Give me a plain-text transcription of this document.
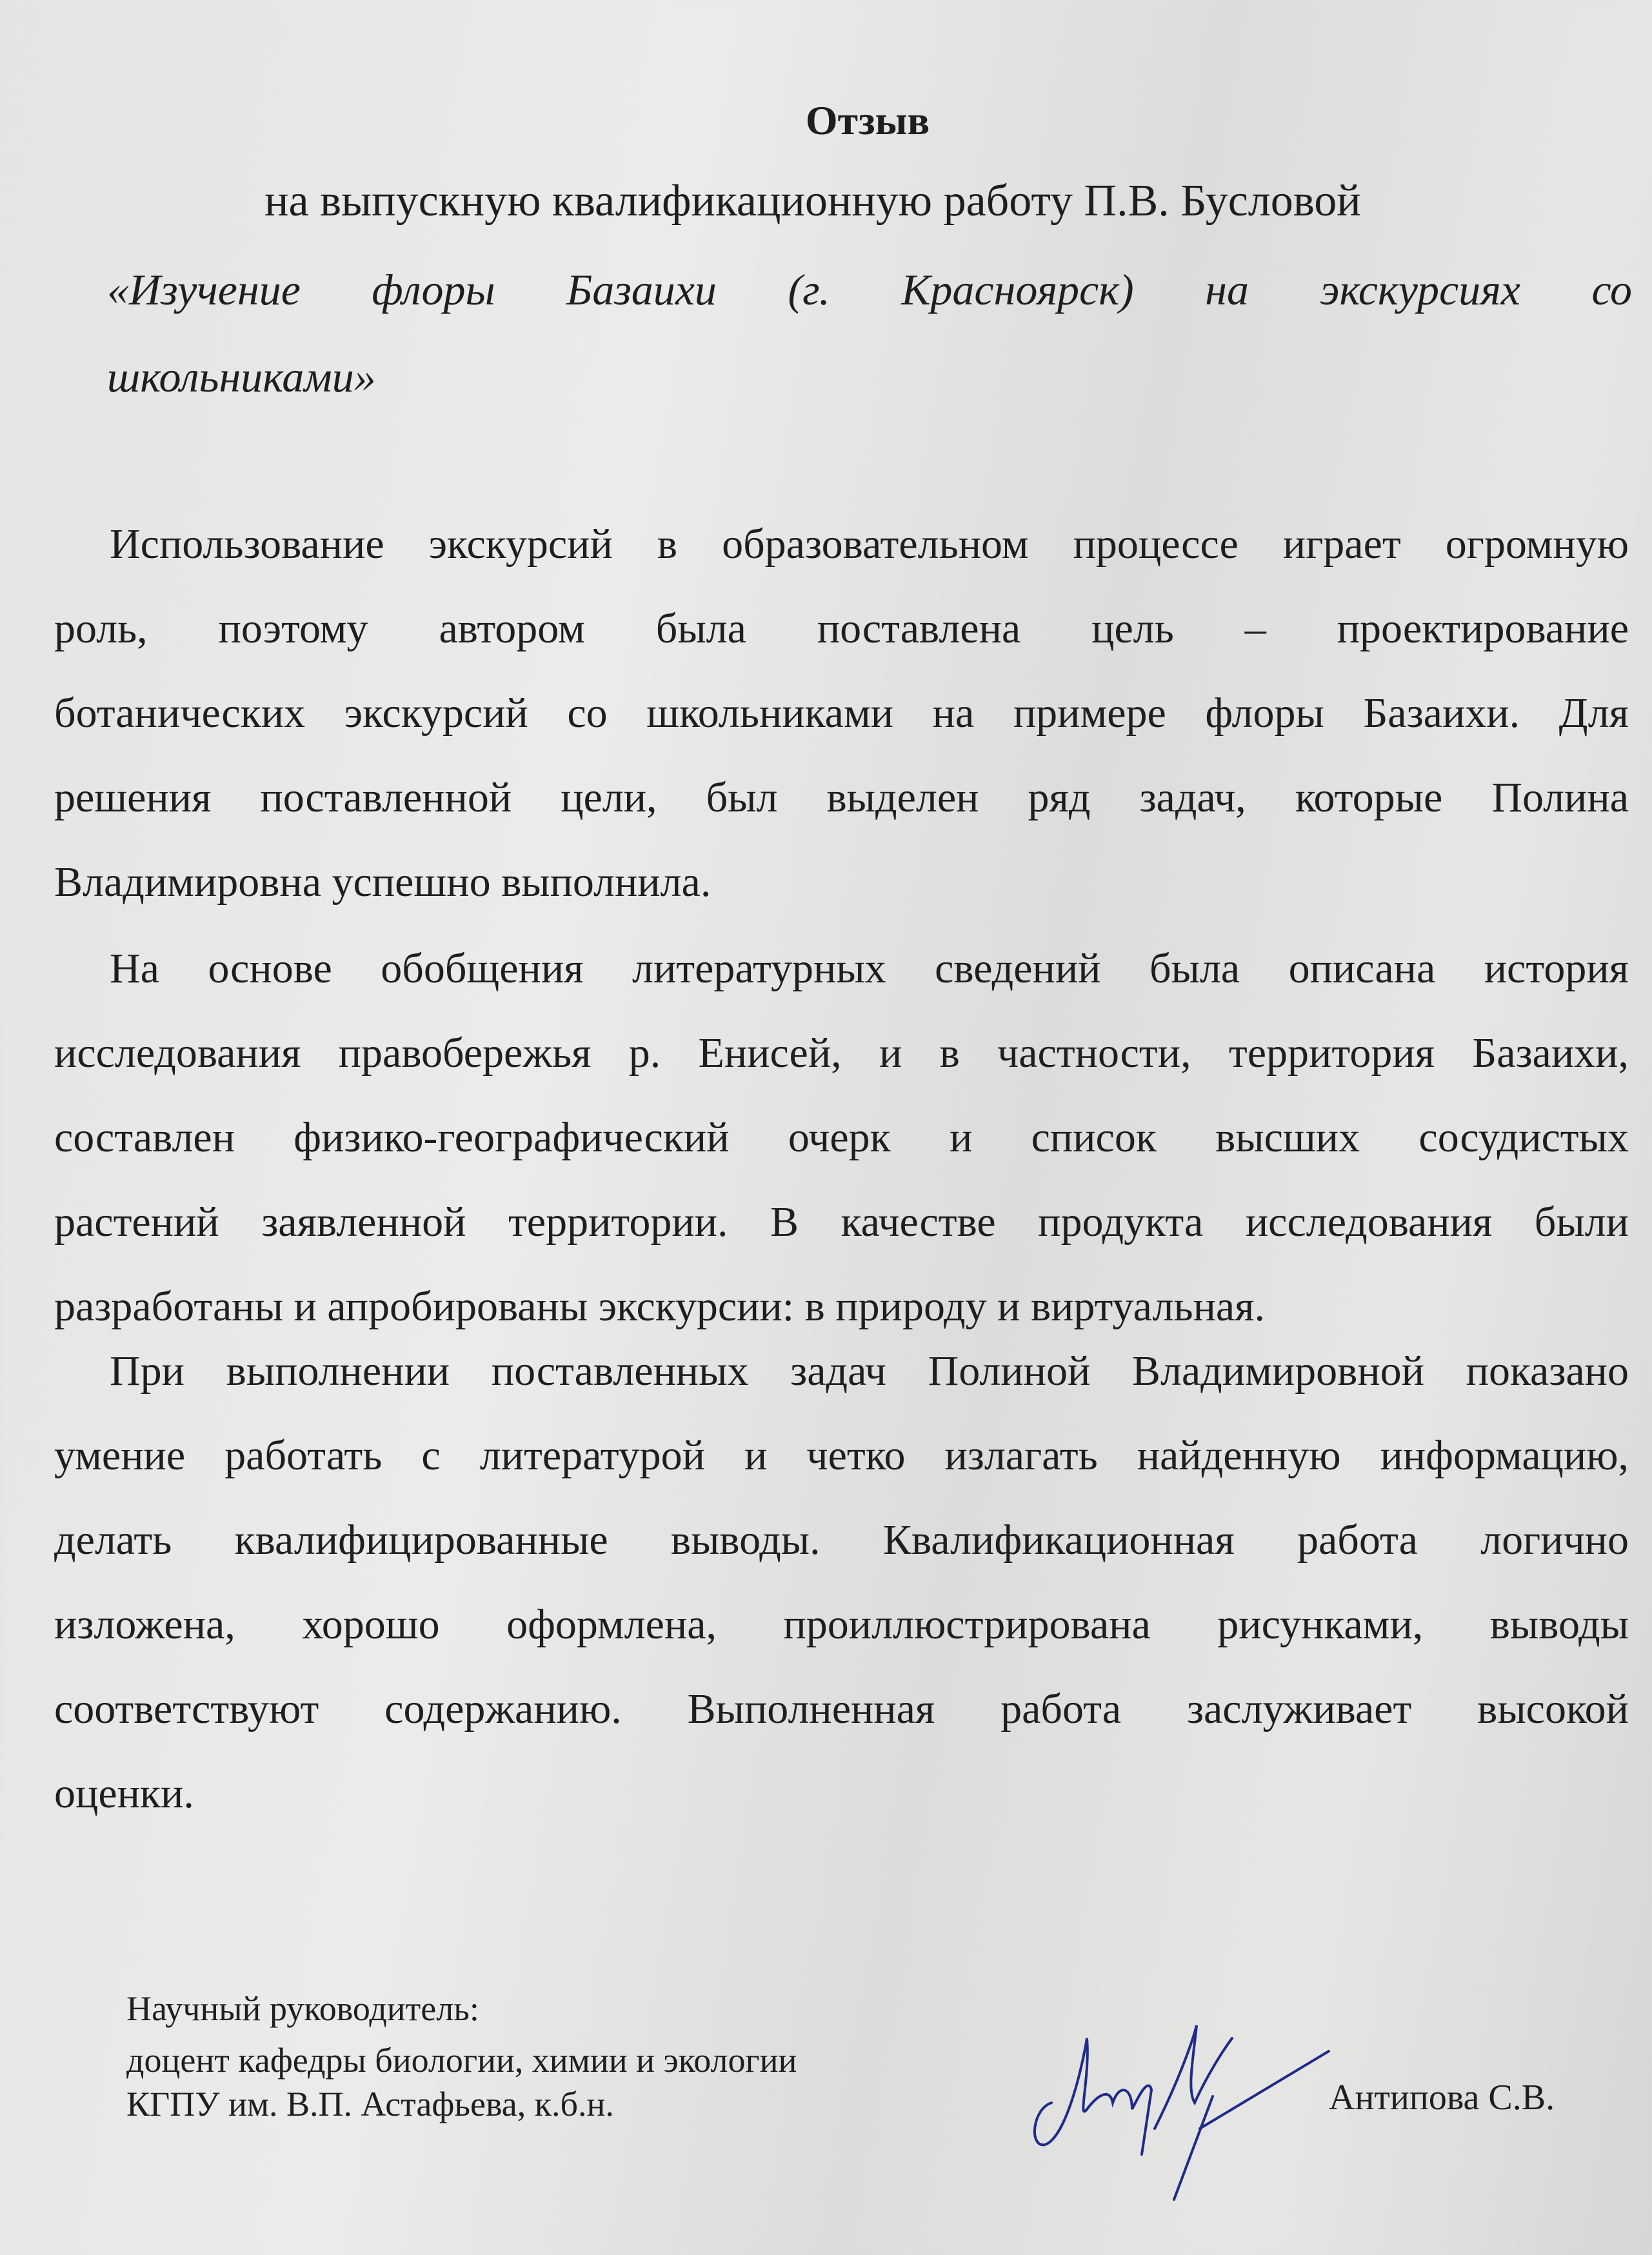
Отзыв
на выпускную квалификационную работу П.В. Бусловой
«Изучение флоры Базаихи (г. Красноярск) на экскурсиях со
школьниками»
Использование экскурсий в образовательном процессе играет огромную
роль, поэтому автором была поставлена цель – проектирование
ботанических экскурсий со школьниками на примере флоры Базаихи. Для
решения поставленной цели, был выделен ряд задач, которые Полина
Владимировна успешно выполнила.
На основе обобщения литературных сведений была описана история
исследования правобережья р. Енисей, и в частности, территория Базаихи,
составлен физико-географический очерк и список высших сосудистых
растений заявленной территории. В качестве продукта исследования были
разработаны и апробированы экскурсии: в природу и виртуальная.
При выполнении поставленных задач Полиной Владимировной показано
умение работать с литературой и четко излагать найденную информацию,
делать квалифицированные выводы. Квалификационная работа логично
изложена, хорошо оформлена, проиллюстрирована рисунками, выводы
соответствуют содержанию. Выполненная работа заслуживает высокой
оценки.
Научный руководитель:
доцент кафедры биологии, химии и экологии
КГПУ им. В.П. Астафьева, к.б.н.	Антипова С.В.
